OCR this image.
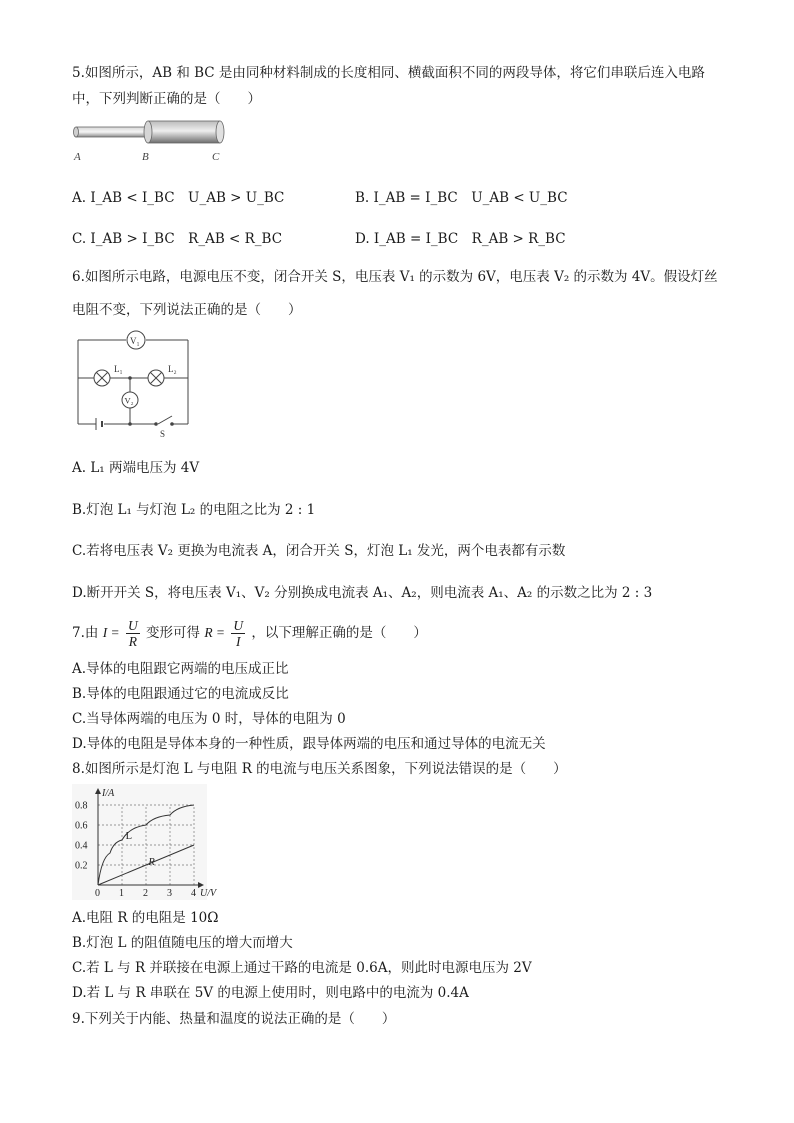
5.如图所示，AB 和 BC 是由同种材料制成的长度相同、横截面积不同的两段导体，将它们串联后连入电路
中，下列判断正确的是（　　）
A	B	C
A. I_AB < I_BC　U_AB > U_BC	B. I_AB = I_BC　U_AB < U_BC
C. I_AB > I_BC　R_AB < R_BC	D. I_AB = I_BC　R_AB > R_BC
6.如图所示电路，电源电压不变，闭合开关 S，电压表 V₁ 的示数为 6V，电压表 V₂ 的示数为 4V。假设灯丝
电阻不变，下列说法正确的是（　　）
V₁
L₁	L₂
V₂
S
A. L₁ 两端电压为 4V
B.灯泡 L₁ 与灯泡 L₂ 的电阻之比为 2 : 1
C.若将电压表 V₂ 更换为电流表 A，闭合开关 S，灯泡 L₁ 发光，两个电表都有示数
D.断开开关 S，将电压表 V₁、V₂ 分别换成电流表 A₁、A₂，则电流表 A₁、A₂ 的示数之比为 2 : 3
7.由 $I = \frac{U}{R}$ 变形可得 $R = \frac{U}{I}$ ，以下理解正确的是（　　）
A.导体的电阻跟它两端的电压成正比
B.导体的电阻跟通过它的电流成反比
C.当导体两端的电压为 0 时，导体的电阻为 0
D.导体的电阻是导体本身的一种性质，跟导体两端的电压和通过导体的电流无关
8.如图所示是灯泡 L 与电阻 R 的电流与电压关系图象，下列说法错误的是（　　）
0 1 2 3 4
0.2
0.4
0.6
0.8
I/A
U/V
L
R
A.电阻 R 的电阻是 10Ω
B.灯泡 L 的阻值随电压的增大而增大
C.若 L 与 R 并联接在电源上通过干路的电流是 0.6A，则此时电源电压为 2V
D.若 L 与 R 串联在 5V 的电源上使用时，则电路中的电流为 0.4A
9.下列关于内能、热量和温度的说法正确的是（　　）
